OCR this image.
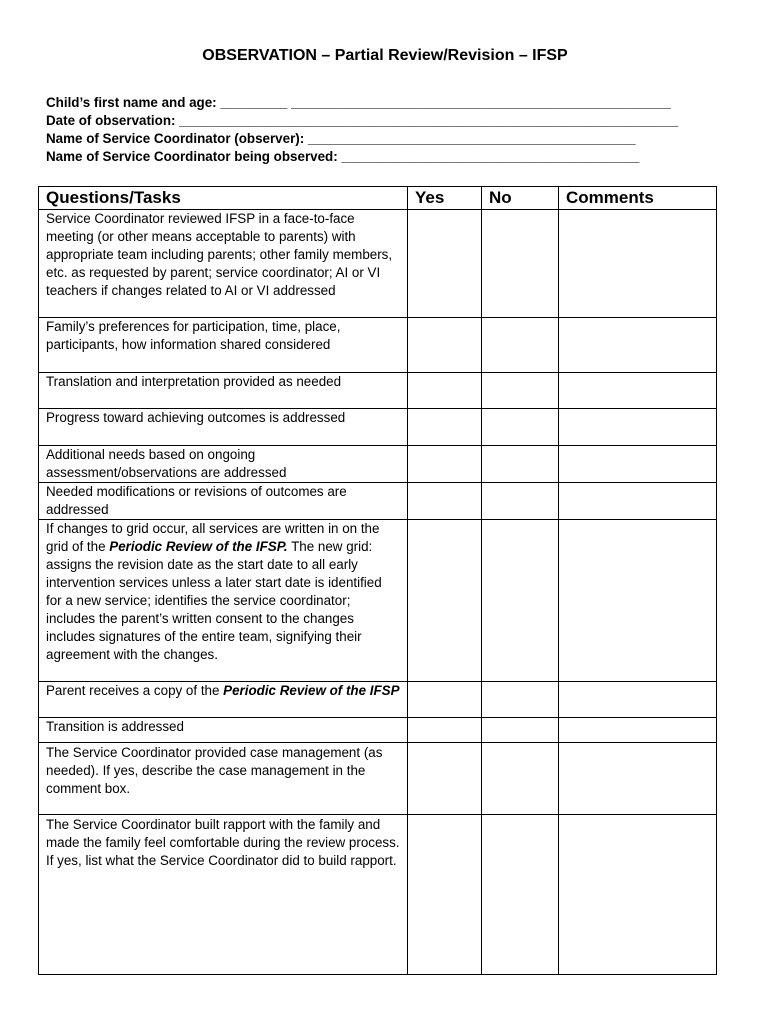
OBSERVATION – Partial Review/Revision – IFSP
Child’s first name and age: _________ ___________________________________________________
Date of observation: ___________________________________________________________________
Name of Service Coordinator (observer): ____________________________________________
Name of Service Coordinator being observed: ________________________________________
Questions/Tasks	Yes	No	Comments
Service Coordinator reviewed IFSP in a face-to-face meeting (or other means acceptable to parents) with appropriate team including parents; other family members, etc. as requested by parent; service coordinator; AI or VI teachers if changes related to AI or VI addressed			
Family’s preferences for participation, time, place, participants, how information shared considered			
Translation and interpretation provided as needed			
Progress toward achieving outcomes is addressed			
Additional needs based on ongoing assessment/observations are addressed			
Needed modifications or revisions of outcomes are addressed			
If changes to grid occur, all services are written in on the grid of the Periodic Review of the IFSP. The new grid: assigns the revision date as the start date to all early intervention services unless a later start date is identified for a new service; identifies the service coordinator; includes the parent’s written consent to the changes includes signatures of the entire team, signifying their agreement with the changes.			
Parent receives a copy of the Periodic Review of the IFSP			
Transition is addressed			
The Service Coordinator provided case management (as needed). If yes, describe the case management in the comment box.			
The Service Coordinator built rapport with the family and made the family feel comfortable during the review process. If yes, list what the Service Coordinator did to build rapport.			
